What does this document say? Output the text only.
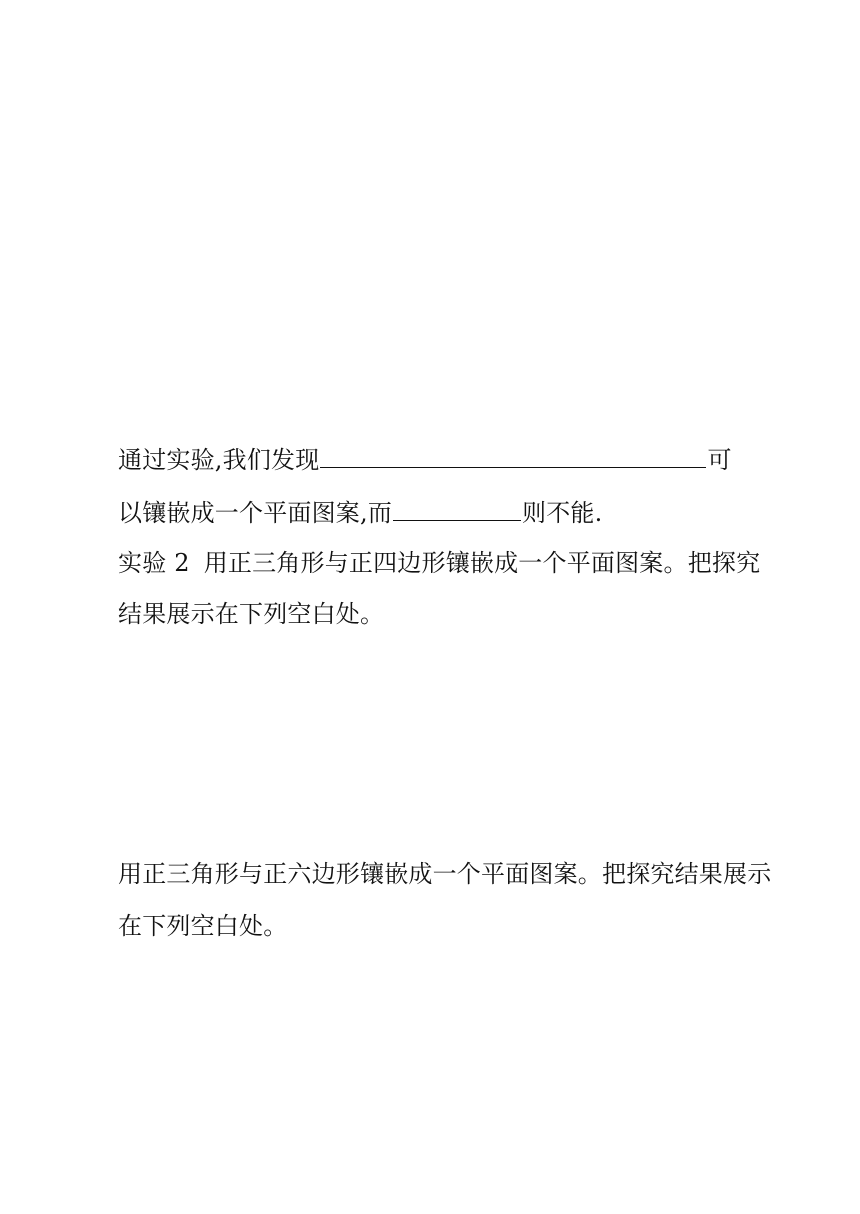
通过实验,我们发现	可
以镶嵌成一个平面图案,而	则不能.
实验 2 用正三角形与正四边形镶嵌成一个平面图案。把探究
结果展示在下列空白处。
用正三角形与正六边形镶嵌成一个平面图案。把探究结果展示
在下列空白处。
